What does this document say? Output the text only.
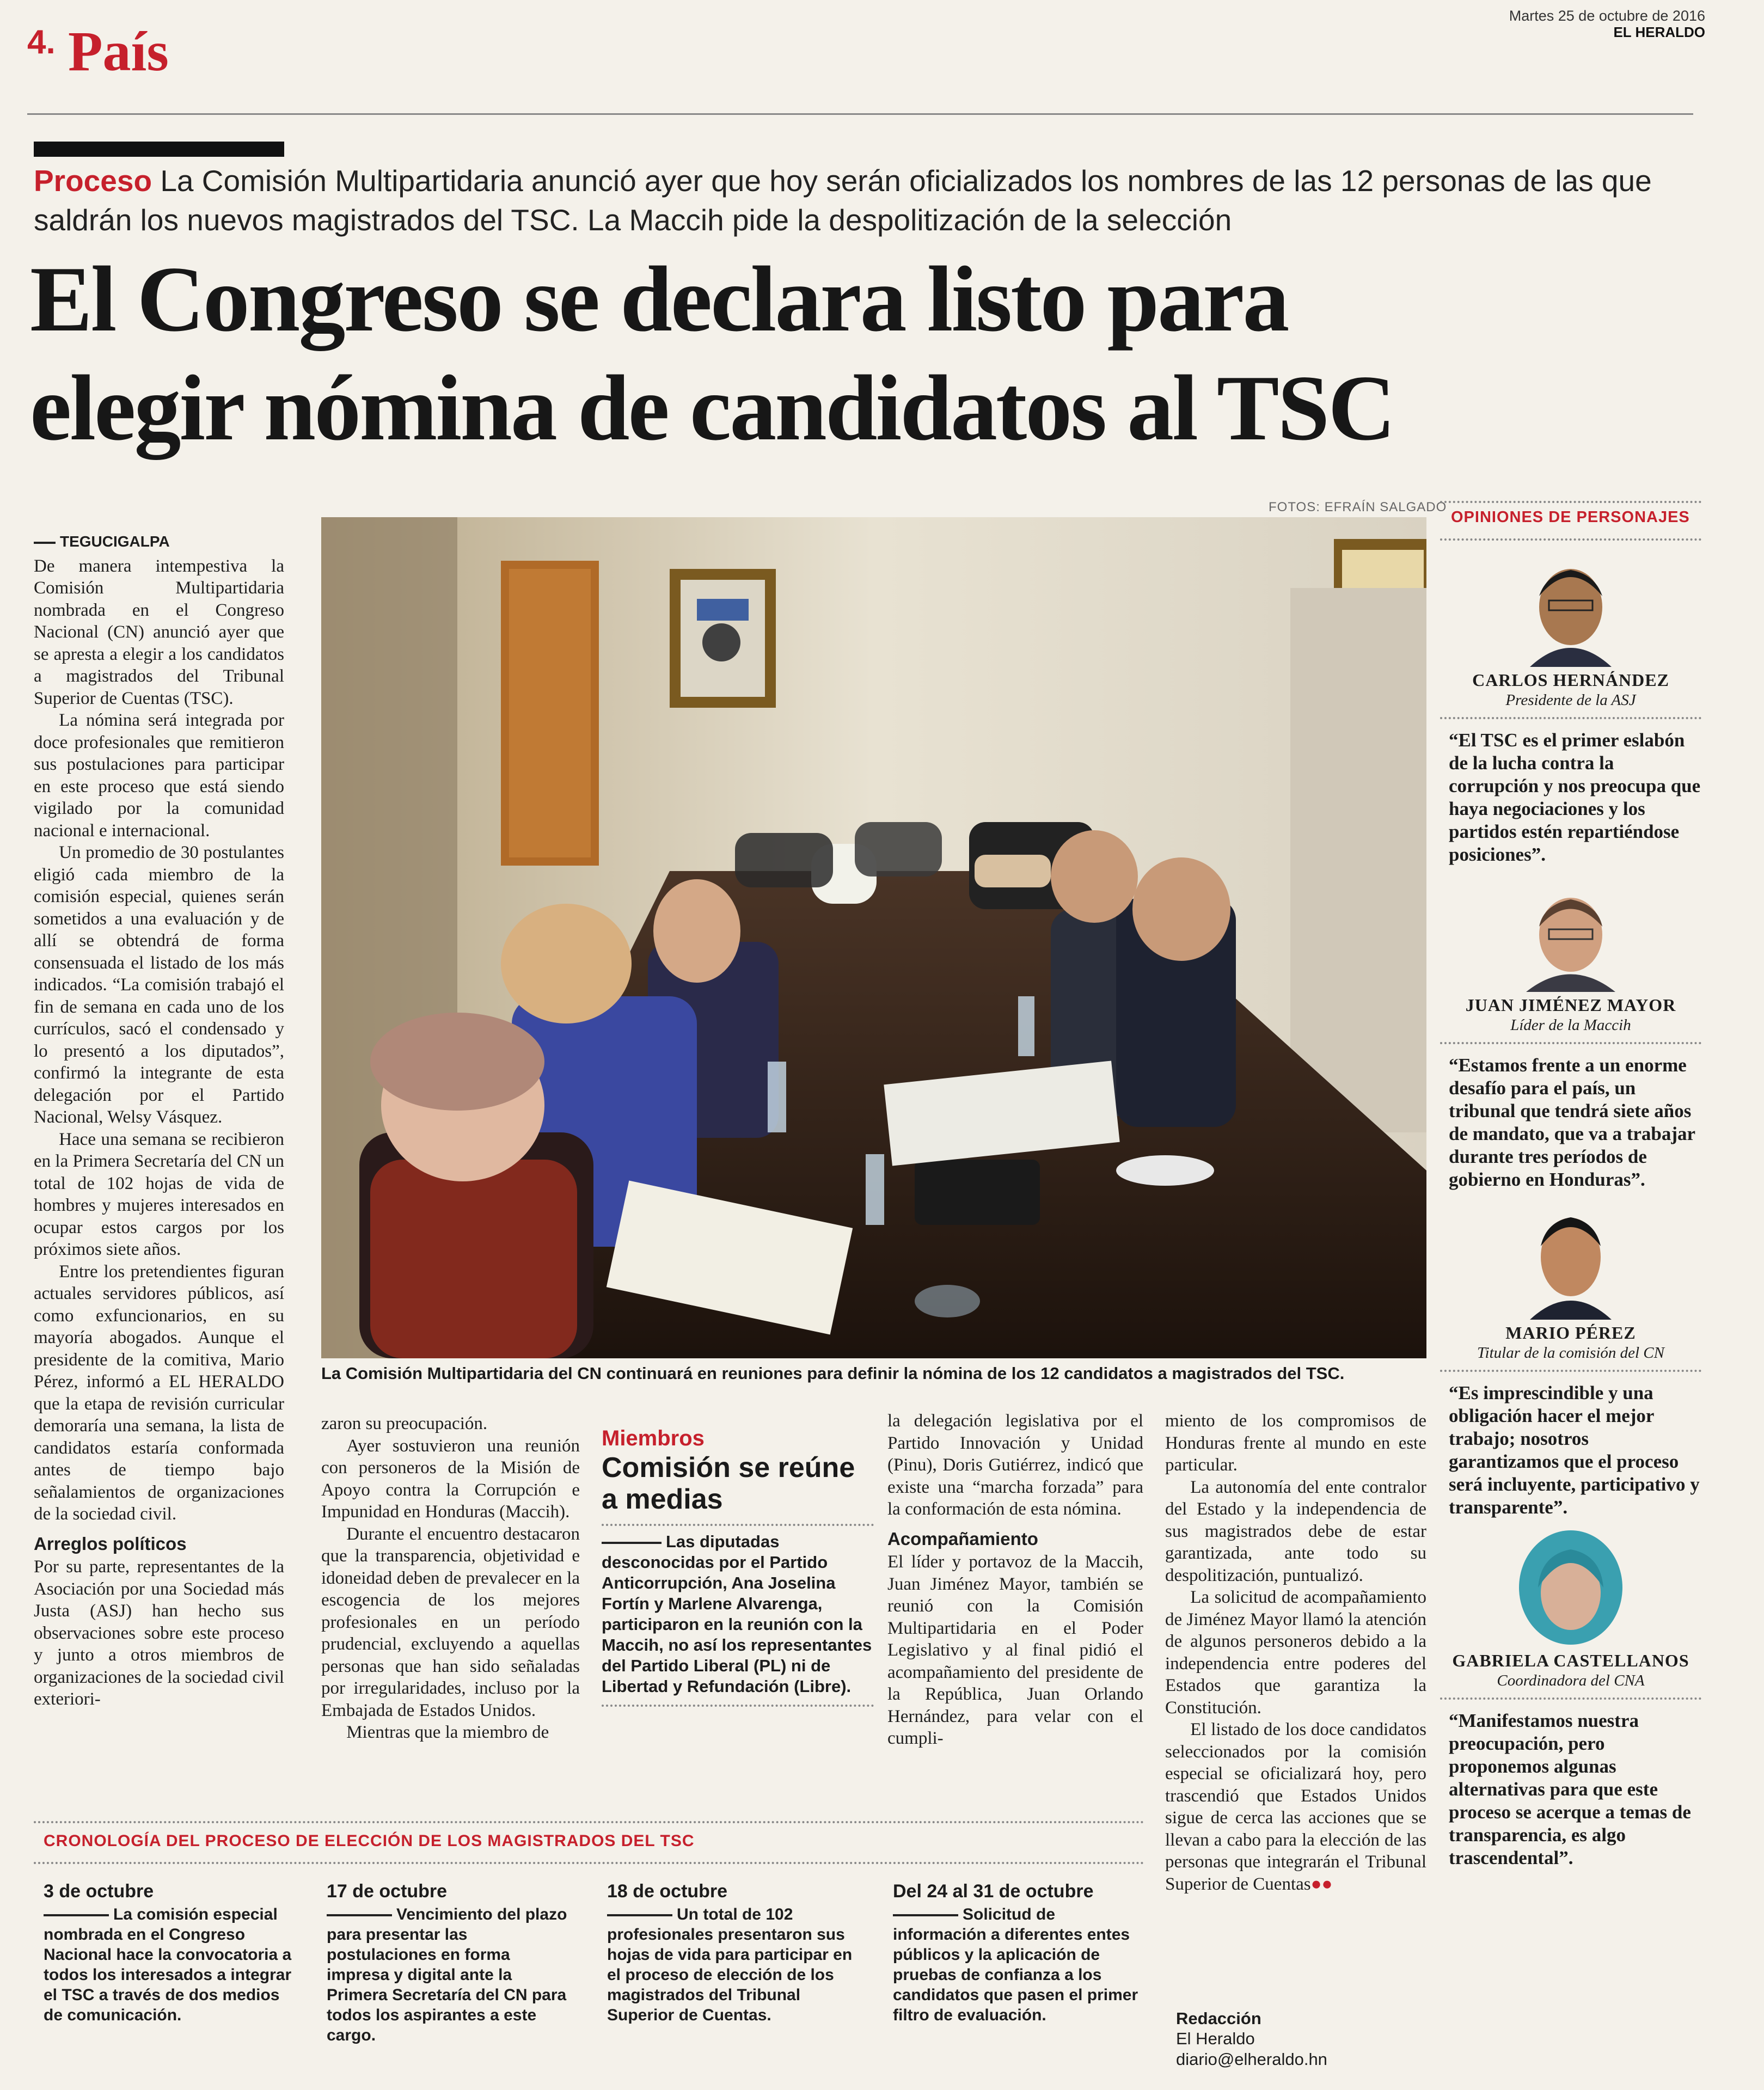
4. País
Martes 25 de octubre de 2016
EL HERALDO
Proceso La Comisión Multipartidaria anunció ayer que hoy serán oficializados los nombres de las 12 personas de las que saldrán los nuevos magistrados del TSC. La Maccih pide la despolitización de la selección
El Congreso se declara listo para
elegir nómina de candidatos al TSC
FOTOS: EFRAÍN SALGADO
La Comisión Multipartidaria del CN continuará en reuniones para definir la nómina de los 12 candidatos a magistrados del TSC.
TEGUCIGALPA

De manera intempestiva la Comisión Multipartidaria nombrada en el Congreso Nacional (CN) anunció ayer que se apresta a elegir a los candidatos a magistrados del Tribunal Superior de Cuentas (TSC).

La nómina será integrada por doce profesionales que remitieron sus postulaciones para participar en este proceso que está siendo vigilado por la comunidad nacional e internacional.

Un promedio de 30 postulantes eligió cada miembro de la comisión especial, quienes serán sometidos a una evaluación y de allí se obtendrá de forma consensuada el listado de los más indicados. “La comisión trabajó el fin de semana en cada uno de los currículos, sacó el condensado y lo presentó a los diputados”, confirmó la integrante de esta delegación por el Partido Nacional, Welsy Vásquez.

Hace una semana se recibieron en la Primera Secretaría del CN un total de 102 hojas de vida de hombres y mujeres interesados en ocupar estos cargos por los próximos siete años.

Entre los pretendientes figuran actuales servidores públicos, así como exfuncionarios, en su mayoría abogados. Aunque el presidente de la comitiva, Mario Pérez, informó a EL HERALDO que la etapa de revisión curricular demoraría una semana, la lista de candidatos estaría conformada antes de tiempo bajo señalamientos de organizaciones de la sociedad civil.

Arreglos políticos

Por su parte, representantes de la Asociación por una Sociedad más Justa (ASJ) han hecho sus observaciones sobre este proceso y junto a otros miembros de organizaciones de la sociedad civil exteriori-

zaron su preocupación.

Ayer sostuvieron una reunión con personeros de la Misión de Apoyo contra la Corrupción e Impunidad en Honduras (Maccih).

Durante el encuentro destacaron que la transparencia, objetividad e idoneidad deben de prevalecer en la escogencia de los mejores profesionales en un período prudencial, excluyendo a aquellas personas que han sido señaladas por irregularidades, incluso por la Embajada de Estados Unidos.

Mientras que la miembro de

Miembros
Comisión se reúne a medias
Las diputadas desconocidas por el Partido Anticorrupción, Ana Joselina Fortín y Marlene Alvarenga, participaron en la reunión con la Maccih, no así los representantes del Partido Liberal (PL) ni de Libertad y Refundación (Libre).

la delegación legislativa por el Partido Innovación y Unidad (Pinu), Doris Gutiérrez, indicó que existe una “marcha forzada” para la conformación de esta nómina.

Acompañamiento

El líder y portavoz de la Maccih, Juan Jiménez Mayor, también se reunió con la Comisión Multipartidaria en el Poder Legislativo y al final pidió el acompañamiento del presidente de la República, Juan Orlando Hernández, para velar con el cumpli-

miento de los compromisos de Honduras frente al mundo en este particular.

La autonomía del ente contralor del Estado y la independencia de sus magistrados debe de estar garantizada, ante todo su despolitización, puntualizó.

La solicitud de acompañamiento de Jiménez Mayor llamó la atención de algunos personeros debido a la independencia entre poderes del Estados que garantiza la Constitución.

El listado de los doce candidatos seleccionados por la comisión especial se oficializará hoy, pero trascendió que Estados Unidos sigue de cerca las acciones que se llevan a cabo para la elección de las personas que integrarán el Tribunal Superior de Cuentas●●

Redacción
El Heraldo
diario@elheraldo.hn
OPINIONES DE PERSONAJES
CARLOS HERNÁNDEZ
Presidente de la ASJ
“El TSC es el primer eslabón de la lucha contra la corrupción y nos preocupa que haya negociaciones y los partidos estén repartiéndose posiciones”.
JUAN JIMÉNEZ MAYOR
Líder de la Maccih
“Estamos frente a un enorme desafío para el país, un tribunal que tendrá siete años de mandato, que va a trabajar durante tres períodos de gobierno en Honduras”.
MARIO PÉREZ
Titular de la comisión del CN
“Es imprescindible y una obligación hacer el mejor trabajo; nosotros garantizamos que el proceso será incluyente, participativo y transparente”.
GABRIELA CASTELLANOS
Coordinadora del CNA
“Manifestamos nuestra preocupación, pero proponemos algunas alternativas para que este proceso se acerque a temas de transparencia, es algo trascendental”.
CRONOLOGÍA DEL PROCESO DE ELECCIÓN DE LOS MAGISTRADOS DEL TSC
3 de octubre
La comisión especial nombrada en el Congreso Nacional hace la convocatoria a todos los interesados a integrar el TSC a través de dos medios de comunicación.
17 de octubre
Vencimiento del plazo para presentar las postulaciones en forma impresa y digital ante la Primera Secretaría del CN para todos los aspirantes a este cargo.
18 de octubre
Un total de 102 profesionales presentaron sus hojas de vida para participar en el proceso de elección de los magistrados del Tribunal Superior de Cuentas.
Del 24 al 31 de octubre
Solicitud de información a diferentes entes públicos y la aplicación de pruebas de confianza a los candidatos que pasen el primer filtro de evaluación.
